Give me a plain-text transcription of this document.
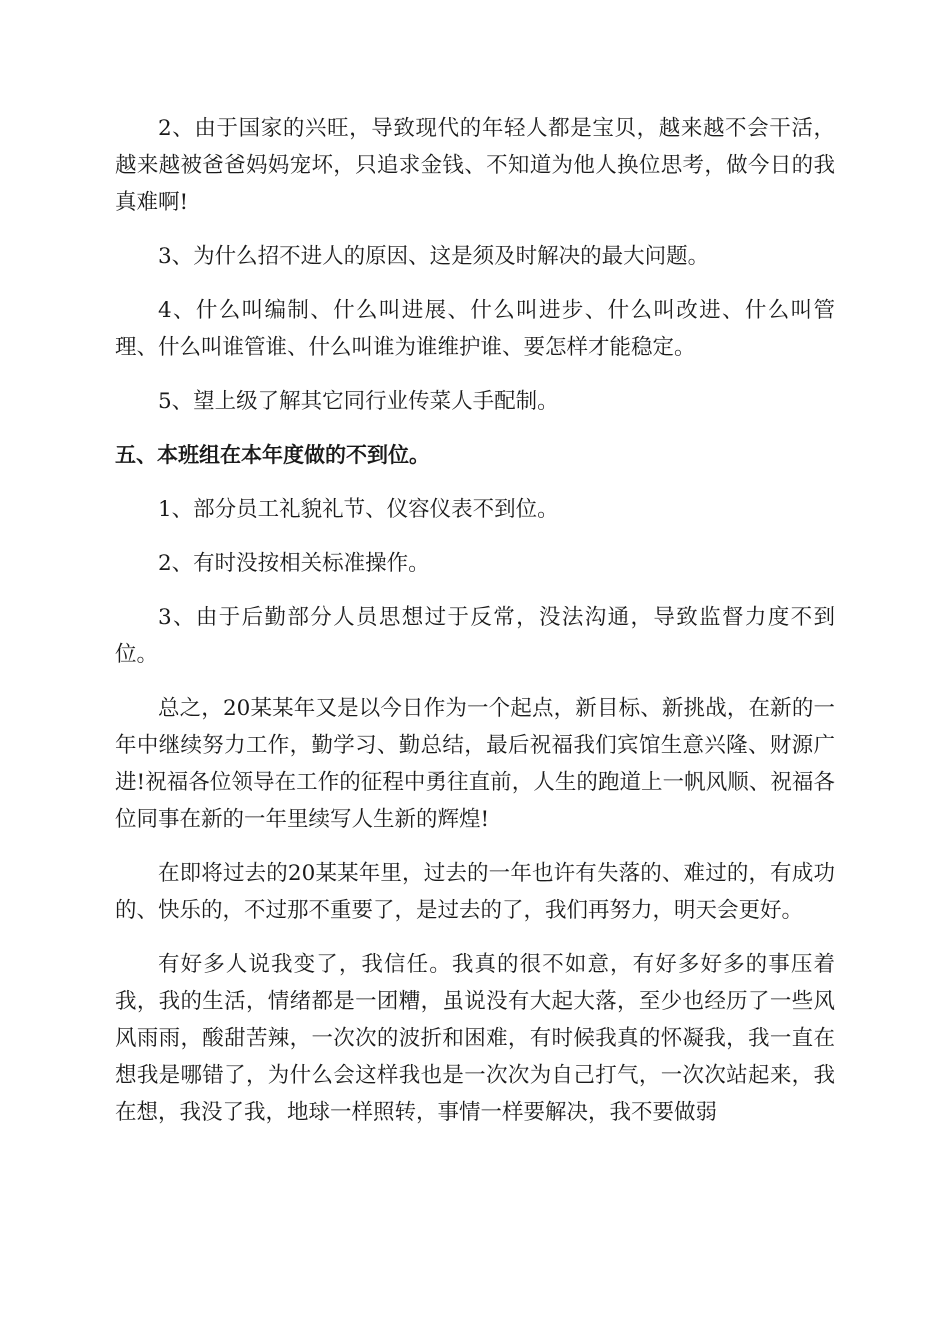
2、由于国家的兴旺，导致现代的年轻人都是宝贝，越来越不会干活，越来越被爸爸妈妈宠坏，只追求金钱、不知道为他人换位思考，做今日的我真难啊!

3、为什么招不进人的原因、这是须及时解决的最大问题。

4、什么叫编制、什么叫进展、什么叫进步、什么叫改进、什么叫管理、什么叫谁管谁、什么叫谁为谁维护谁、要怎样才能稳定。

5、望上级了解其它同行业传菜人手配制。

五、本班组在本年度做的不到位。

1、部分员工礼貌礼节、仪容仪表不到位。

2、有时没按相关标准操作。

3、由于后勤部分人员思想过于反常，没法沟通，导致监督力度不到位。

总之，20某某年又是以今日作为一个起点，新目标、新挑战，在新的一年中继续努力工作，勤学习、勤总结，最后祝福我们宾馆生意兴隆、财源广进!祝福各位领导在工作的征程中勇往直前，人生的跑道上一帆风顺、祝福各位同事在新的一年里续写人生新的辉煌!

在即将过去的20某某年里，过去的一年也许有失落的、难过的，有成功的、快乐的，不过那不重要了，是过去的了，我们再努力，明天会更好。

有好多人说我变了，我信任。我真的很不如意，有好多好多的事压着我，我的生活，情绪都是一团糟，虽说没有大起大落，至少也经历了一些风风雨雨，酸甜苦辣，一次次的波折和困难，有时候我真的怀凝我，我一直在想我是哪错了，为什么会这样我也是一次次为自己打气，一次次站起来，我在想，我没了我，地球一样照转，事情一样要解决，我不要做弱
